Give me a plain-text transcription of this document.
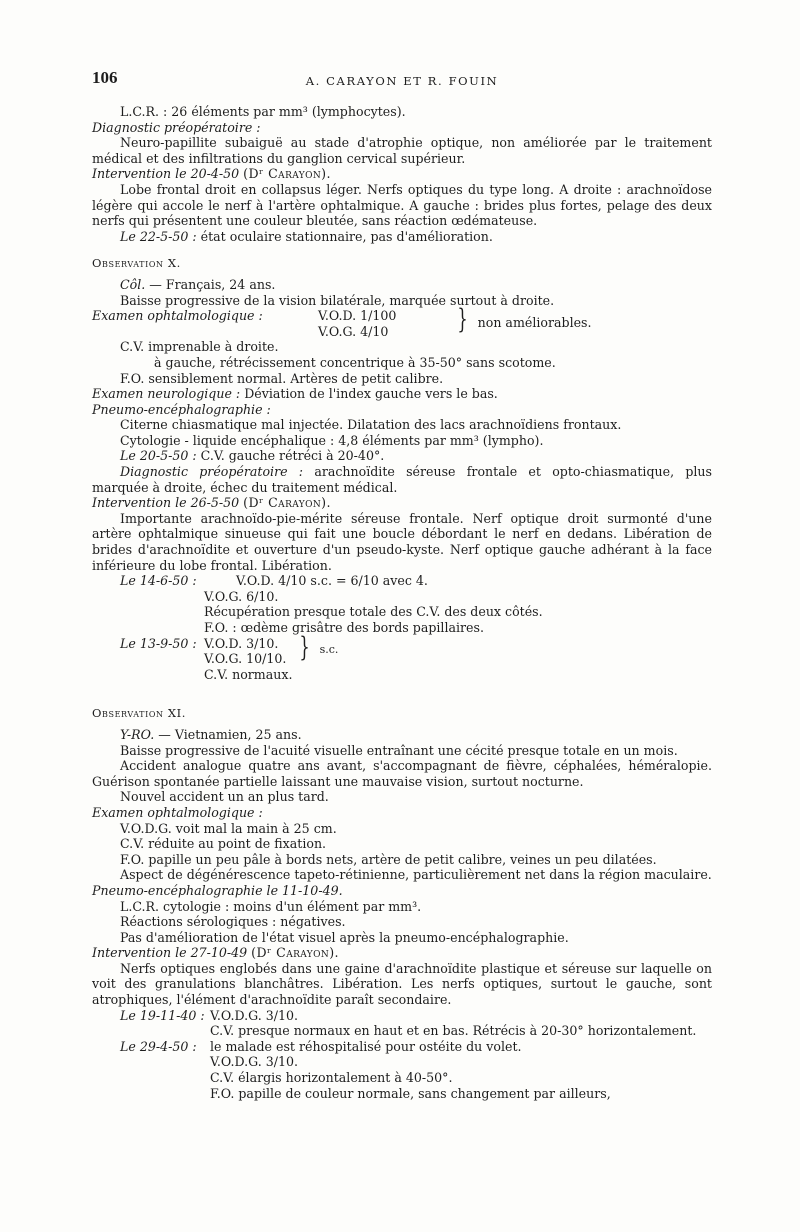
106	A. CARAYON ET R. FOUIN

L.C.R. : 26 éléments par mm³ (lymphocytes).

Diagnostic préopératoire :

Neuro-papillite subaiguë au stade d'atrophie optique, non améliorée par le traitement médical et des infiltrations du ganglion cervical supérieur.

Intervention le 20-4-50 (Dʳ Carayon).

Lobe frontal droit en collapsus léger. Nerfs optiques du type long. A droite : arachnoïdose légère qui accole le nerf à l'artère ophtalmique. A gauche : brides plus fortes, pelage des deux nerfs qui présentent une couleur bleutée, sans réaction œdémateuse.

Le 22-5-50 : état oculaire stationnaire, pas d'amélioration.

Observation X.

Côl. — Français, 24 ans.

Baisse progressive de la vision bilatérale, marquée surtout à droite.

Examen ophtalmologique :	V.O.D. 1/100
V.O.G. 4/10	}	non améliorables.

C.V. imprenable à droite.

à gauche, rétrécissement concentrique à 35-50° sans scotome.

F.O. sensiblement normal. Artères de petit calibre.

Examen neurologique : Déviation de l'index gauche vers le bas.

Pneumo-encéphalographie :

Citerne chiasmatique mal injectée. Dilatation des lacs arachnoïdiens frontaux.

Cytologie - liquide encéphalique : 4,8 éléments par mm³ (lympho).

Le 20-5-50 : C.V. gauche rétréci à 20-40°.

Diagnostic préopératoire : arachnoïdite séreuse frontale et opto-chiasmatique, plus marquée à droite, échec du traitement médical.

Intervention le 26-5-50 (Dʳ Carayon).

Importante arachnoïdo-pie-mérite séreuse frontale. Nerf optique droit surmonté d'une artère ophtalmique sinueuse qui fait une boucle débordant le nerf en dedans. Libération de brides d'arachnoïdite et ouverture d'un pseudo-kyste. Nerf optique gauche adhérant à la face inférieure du lobe frontal. Libération.

Le 14-6-50 :	V.O.D. 4/10 s.c. = 6/10 avec 4.

V.O.G. 6/10.

Récupération presque totale des C.V. des deux côtés.

F.O. : œdème grisâtre des bords papillaires.

Le 13-9-50 :	V.O.D. 3/10.
V.O.G. 10/10.	}	s.c.

C.V. normaux.

Observation XI.

Y-RO. — Vietnamien, 25 ans.

Baisse progressive de l'acuité visuelle entraînant une cécité presque totale en un mois.

Accident analogue quatre ans avant, s'accompagnant de fièvre, céphalées, héméralopie. Guérison spontanée partielle laissant une mauvaise vision, surtout nocturne.

Nouvel accident un an plus tard.

Examen ophtalmologique :

V.O.D.G. voit mal la main à 25 cm.

C.V. réduite au point de fixation.

F.O. papille un peu pâle à bords nets, artère de petit calibre, veines un peu dilatées.

Aspect de dégénérescence tapeto-rétinienne, particulièrement net dans la région maculaire.

Pneumo-encéphalographie le 11-10-49.

L.C.R. cytologie : moins d'un élément par mm³.

Réactions sérologiques : négatives.

Pas d'amélioration de l'état visuel après la pneumo-encéphalographie.

Intervention le 27-10-49 (Dʳ Carayon).

Nerfs optiques englobés dans une gaine d'arachnoïdite plastique et séreuse sur laquelle on voit des granulations blanchâtres. Libération. Les nerfs optiques, surtout le gauche, sont atrophiques, l'élément d'arachnoïdite paraît secondaire.

Le 19-11-40 : V.O.D.G. 3/10.

C.V. presque normaux en haut et en bas. Rétrécis à 20-30° horizontalement.

Le 29-4-50 : le malade est réhospitalisé pour ostéite du volet.

V.O.D.G. 3/10.

C.V. élargis horizontalement à 40-50°.

F.O. papille de couleur normale, sans changement par ailleurs,
